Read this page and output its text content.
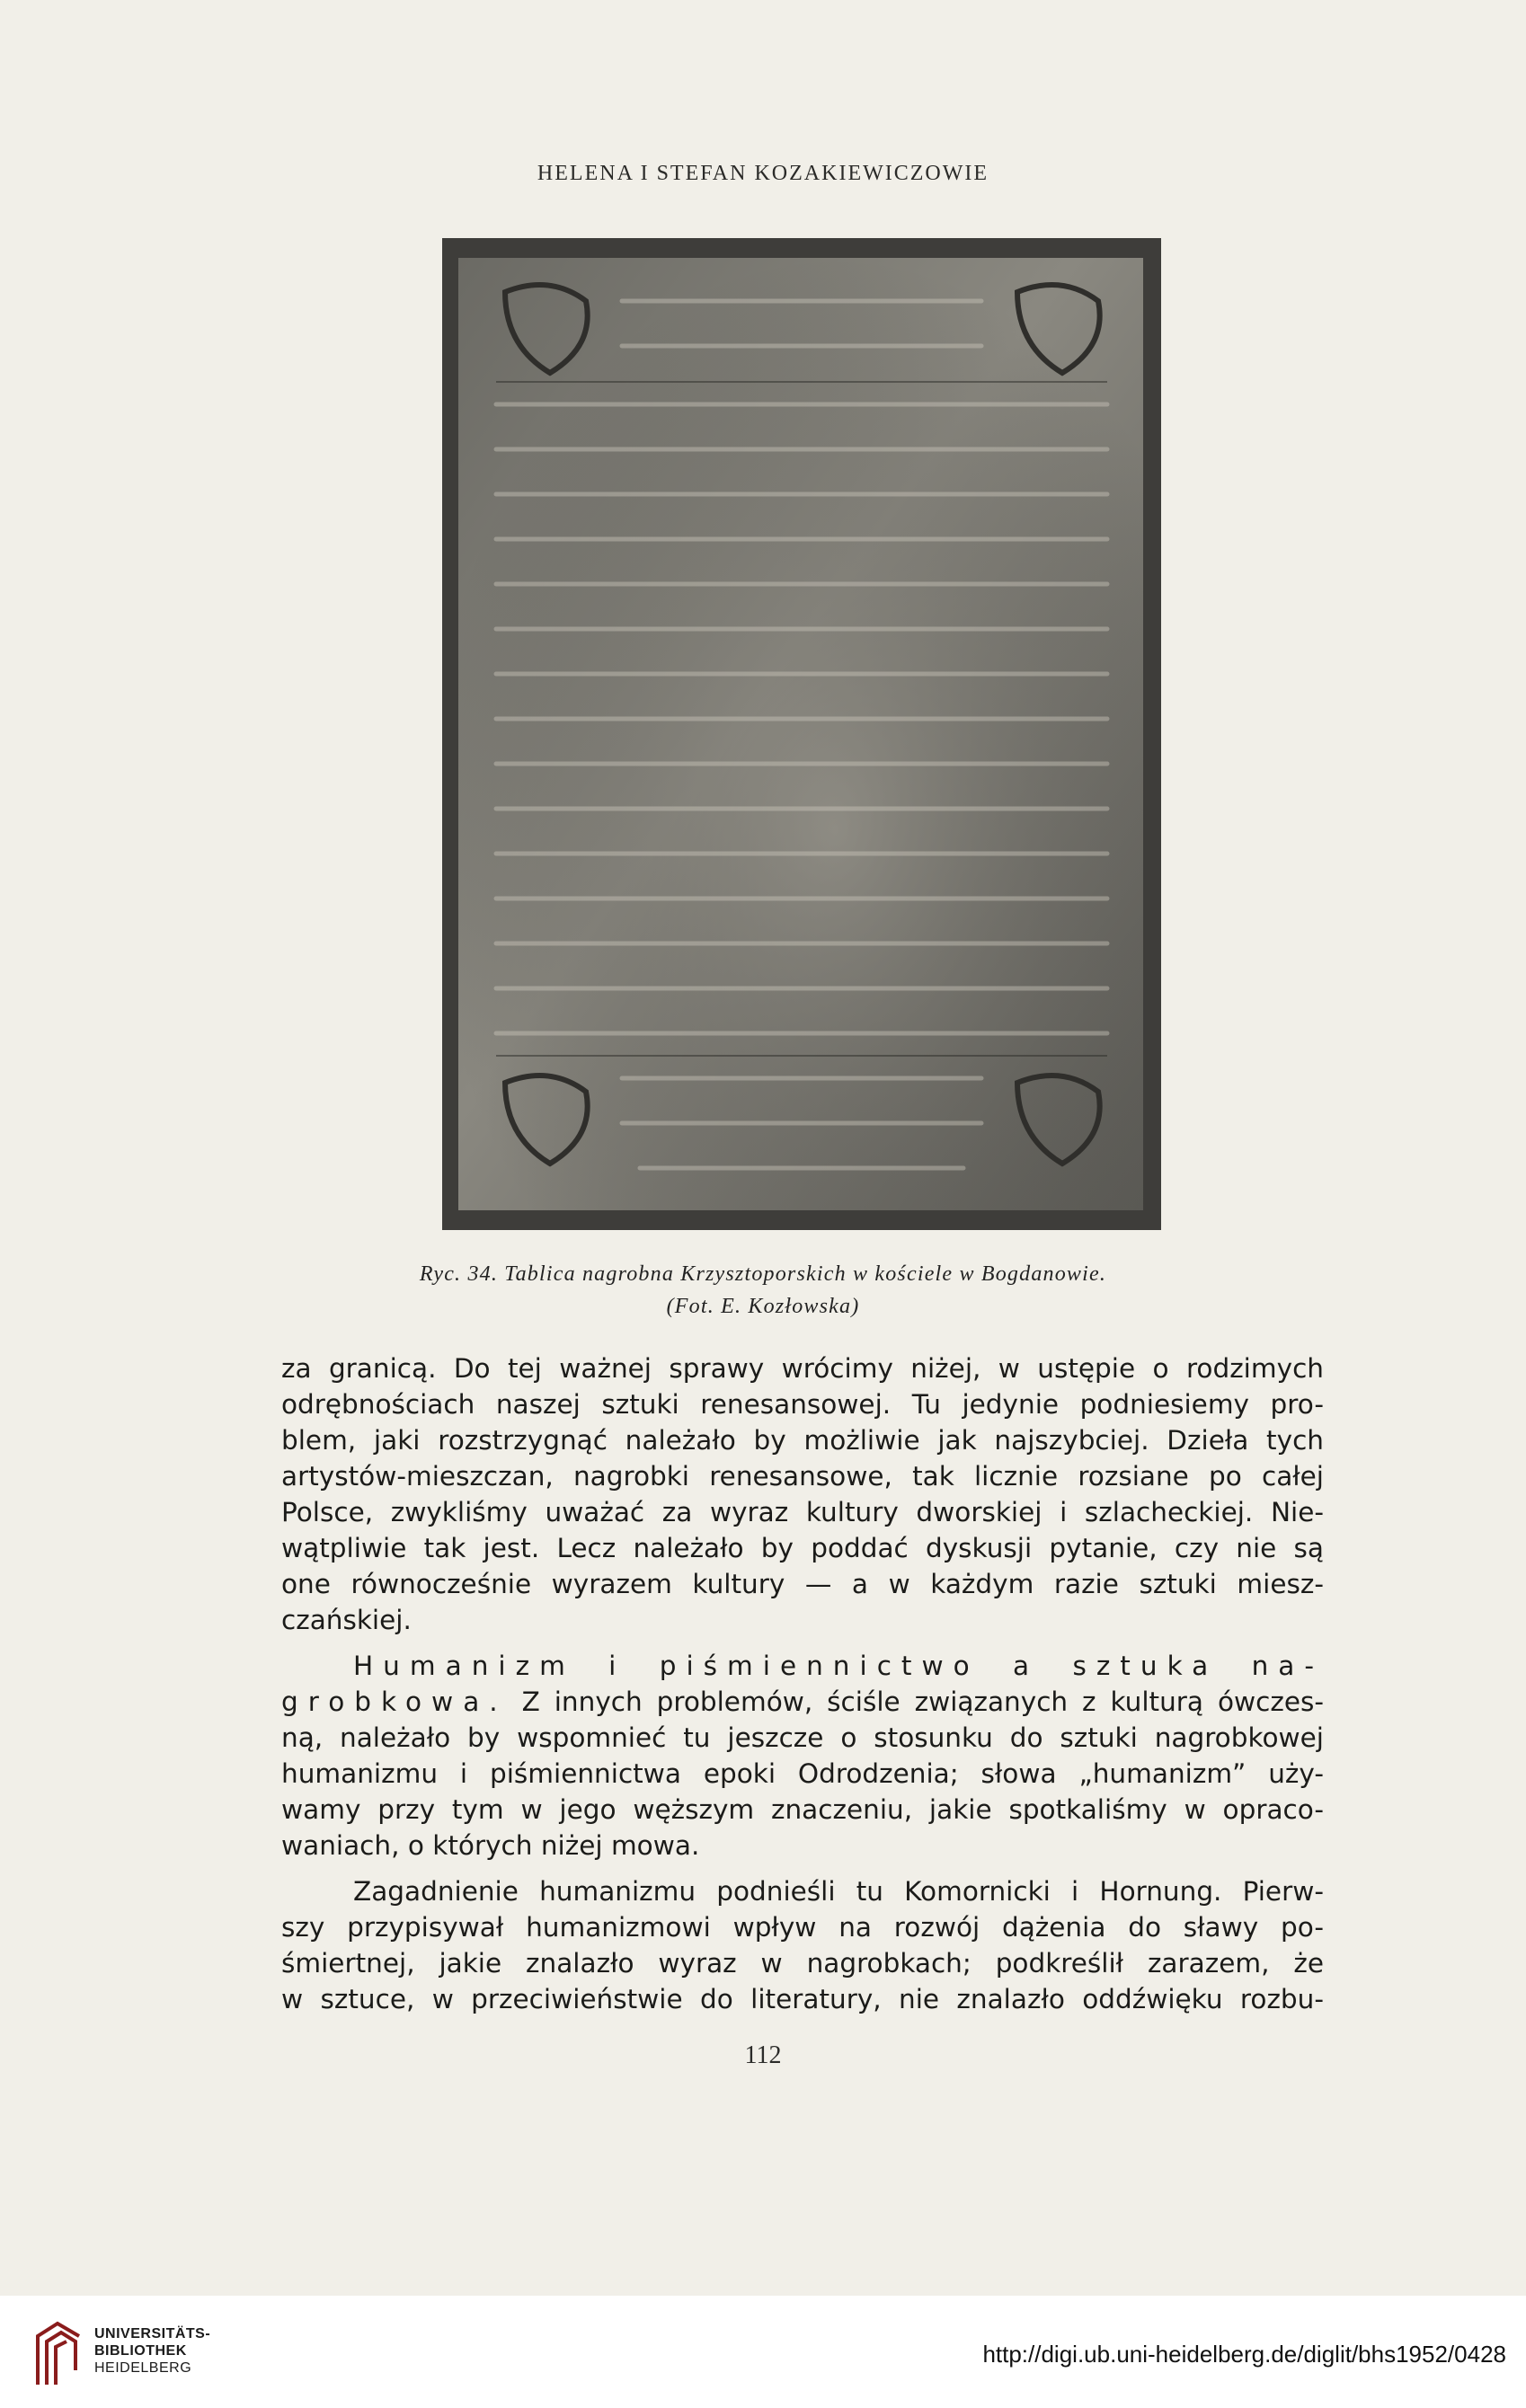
HELENA I STEFAN KOZAKIEWICZOWIE
Ryc. 34. Tablica nagrobna Krzysztoporskich w kościele w Bogdanowie.
(Fot. E. Kozłowska)
za granicą. Do tej ważnej sprawy wrócimy niżej, w ustępie o rodzimych
odrębnościach naszej sztuki renesansowej. Tu jedynie podniesiemy pro-
blem, jaki rozstrzygnąć należało by możliwie jak najszybciej. Dzieła tych
artystów-mieszczan, nagrobki renesansowe, tak licznie rozsiane po całej
Polsce, zwykliśmy uważać za wyraz kultury dworskiej i szlacheckiej. Nie-
wątpliwie tak jest. Lecz należało by poddać dyskusji pytanie, czy nie są
one równocześnie wyrazem kultury — a w każdym razie sztuki miesz-
czańskiej.
Humanizm i piśmiennictwo a sztuka na-
grobkowa. Z innych problemów, ściśle związanych z kulturą ówczes-
ną, należało by wspomnieć tu jeszcze o stosunku do sztuki nagrobkowej
humanizmu i piśmiennictwa epoki Odrodzenia; słowa „humanizm” uży-
wamy przy tym w jego węższym znaczeniu, jakie spotkaliśmy w opraco-
waniach, o których niżej mowa.
Zagadnienie humanizmu podnieśli tu Komornicki i Hornung. Pierw-
szy przypisywał humanizmowi wpływ na rozwój dążenia do sławy po-
śmiertnej, jakie znalazło wyraz w nagrobkach; podkreślił zarazem, że
w sztuce, w przeciwieństwie do literatury, nie znalazło oddźwięku rozbu-
112
UNIVERSITÄTS-
BIBLIOTHEK
HEIDELBERG
http://digi.ub.uni-heidelberg.de/diglit/bhs1952/0428
